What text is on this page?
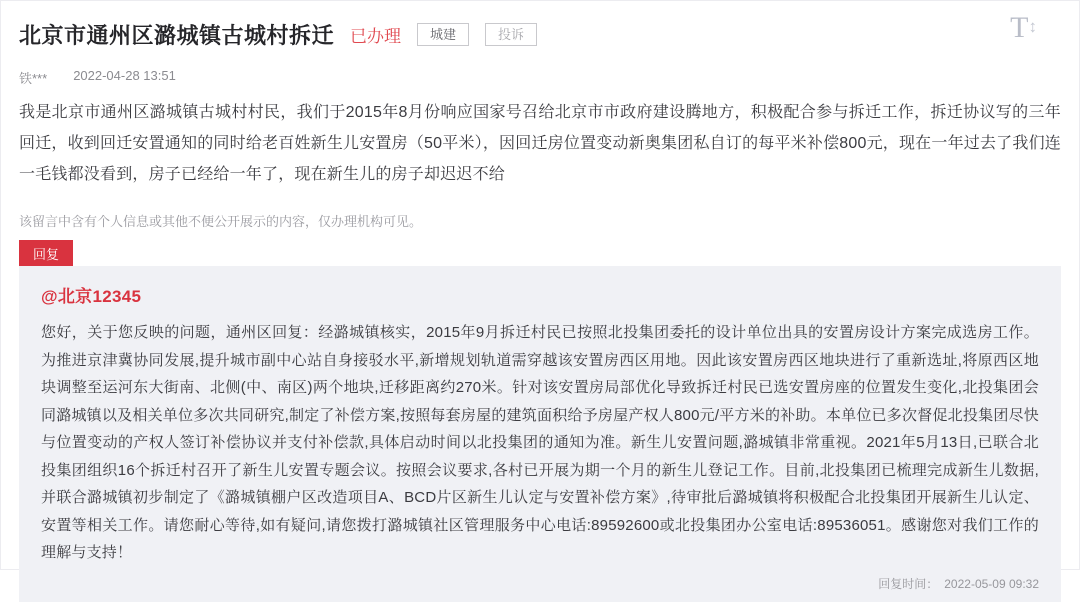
T ↕
北京市通州区潞城镇古城村拆迁 已办理	城建	投诉
铁*** 2022-04-28 13:51
我是北京市通州区潞城镇古城村村民，我们于2015年8月份响应国家号召给北京市市政府建设腾地方，积极配合参与拆迁工作，拆迁协议写的三年回迁，收到回迁安置通知的同时给老百姓新生儿安置房（50平米），因回迁房位置变动新奥集团私自订的每平米补偿800元，现在一年过去了我们连一毛钱都没看到，房子已经给一年了，现在新生儿的房子却迟迟不给
该留言中含有个人信息或其他不便公开展示的内容，仅办理机构可见。
回复
@北京12345
您好，关于您反映的问题，通州区回复：经潞城镇核实，2015年9月拆迁村民已按照北投集团委托的设计单位出具的安置房设计方案完成选房工作。为推进京津冀协同发展,提升城市副中心站自身接驳水平,新增规划轨道需穿越该安置房西区用地。因此该安置房西区地块进行了重新选址,将原西区地块调整至运河东大街南、北侧(中、南区)两个地块,迁移距离约270米。针对该安置房局部优化导致拆迁村民已选安置房座的位置发生变化,北投集团会同潞城镇以及相关单位多次共同研究,制定了补偿方案,按照每套房屋的建筑面积给予房屋产权人800元/平方米的补助。本单位已多次督促北投集团尽快与位置变动的产权人签订补偿协议并支付补偿款,具体启动时间以北投集团的通知为准。新生儿安置问题,潞城镇非常重视。2021年5月13日,已联合北投集团组织16个拆迁村召开了新生儿安置专题会议。按照会议要求,各村已开展为期一个月的新生儿登记工作。目前,北投集团已梳理完成新生儿数据,并联合潞城镇初步制定了《潞城镇棚户区改造项目A、BCD片区新生儿认定与安置补偿方案》,待审批后潞城镇将积极配合北投集团开展新生儿认定、安置等相关工作。请您耐心等待,如有疑问,请您拨打潞城镇社区管理服务中心电话:89592600或北投集团办公室电话:89536051。感谢您对我们工作的理解与支持！
回复时间： 2022-05-09 09:32
